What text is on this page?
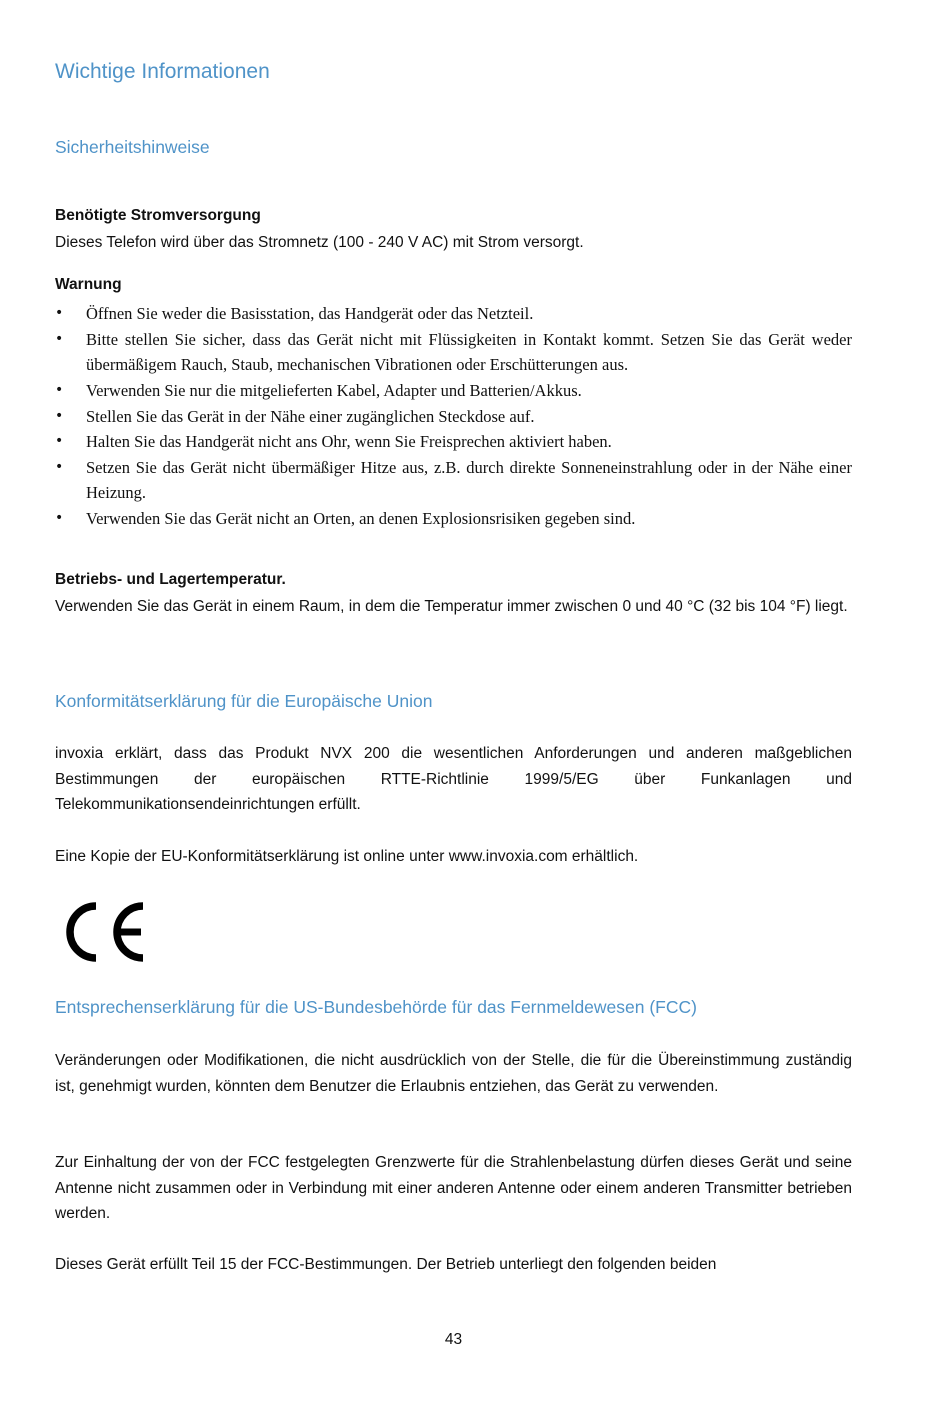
Wichtige Informationen
Sicherheitshinweise
Benötigte Stromversorgung
Dieses Telefon wird über das Stromnetz (100 - 240 V AC) mit Strom versorgt.
Warnung
• Öffnen Sie weder die Basisstation, das Handgerät oder das Netzteil.
• Bitte stellen Sie sicher, dass das Gerät nicht mit Flüssigkeiten in Kontakt kommt. Setzen Sie das Gerät weder übermäßigem Rauch, Staub, mechanischen Vibrationen oder Erschütterungen aus.
• Verwenden Sie nur die mitgelieferten Kabel, Adapter und Batterien/Akkus.
• Stellen Sie das Gerät in der Nähe einer zugänglichen Steckdose auf.
• Halten Sie das Handgerät nicht ans Ohr, wenn Sie Freisprechen aktiviert haben.
• Setzen Sie das Gerät nicht übermäßiger Hitze aus, z.B. durch direkte Sonneneinstrahlung oder in der Nähe einer Heizung.
• Verwenden Sie das Gerät nicht an Orten, an denen Explosionsrisiken gegeben sind.
Betriebs- und Lagertemperatur.
Verwenden Sie das Gerät in einem Raum, in dem die Temperatur immer zwischen 0 und 40 °C (32 bis 104 °F) liegt.
Konformitätserklärung für die Europäische Union
invoxia erklärt, dass das Produkt NVX 200 die wesentlichen Anforderungen und anderen maßgeblichen Bestimmungen der europäischen RTTE-Richtlinie 1999/5/EG über Funkanlagen und Telekommunikationsendeinrichtungen erfüllt.
Eine Kopie der EU-Konformitätserklärung ist online unter www.invoxia.com erhältlich.
Entsprechenserklärung für die US-Bundesbehörde für das Fernmeldewesen (FCC)
Veränderungen oder Modifikationen, die nicht ausdrücklich von der Stelle, die für die Übereinstimmung zuständig ist, genehmigt wurden, könnten dem Benutzer die Erlaubnis entziehen, das Gerät zu verwenden.
Zur Einhaltung der von der FCC festgelegten Grenzwerte für die Strahlenbelastung dürfen dieses Gerät und seine Antenne nicht zusammen oder in Verbindung mit einer anderen Antenne oder einem anderen Transmitter betrieben werden.
Dieses Gerät erfüllt Teil 15 der FCC-Bestimmungen. Der Betrieb unterliegt den folgenden beiden
43
